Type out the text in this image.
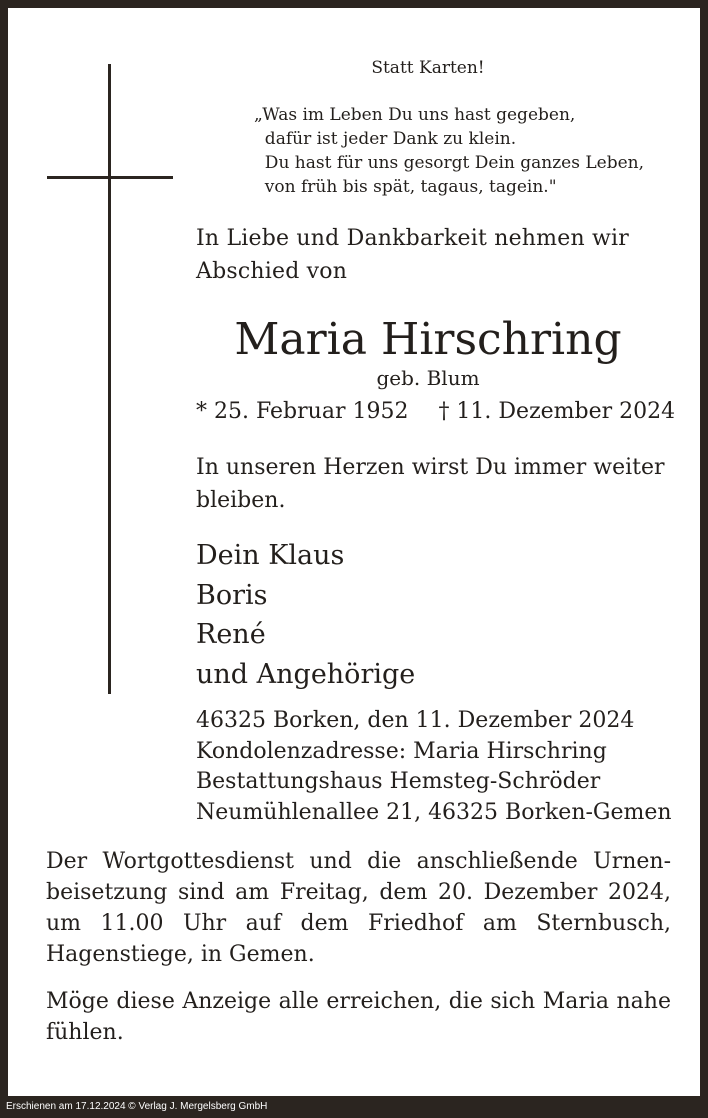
Statt Karten!
„Was im Leben Du uns hast gegeben,
dafür ist jeder Dank zu klein.
Du hast für uns gesorgt Dein ganzes Leben,
von früh bis spät, tagaus, tagein."
In Liebe und Dankbarkeit nehmen wir Abschied von
Maria Hirschring
geb. Blum
* 25. Februar 1952 † 11. Dezember 2024
In unseren Herzen wirst Du immer weiter bleiben.
Dein Klaus
Boris
René
und Angehörige
46325 Borken, den 11. Dezember 2024
Kondolenzadresse: Maria Hirschring
Bestattungshaus Hemsteg-Schröder
Neumühlenallee 21, 46325 Borken-Gemen
Der Wortgottesdienst und die anschließende Urnen-beisetzung sind am Freitag, dem 20. Dezember 2024, um 11.00 Uhr auf dem Friedhof am Sternbusch, Hagenstiege, in Gemen.
Möge diese Anzeige alle erreichen, die sich Maria nahe fühlen.
Erschienen am 17.12.2024 © Verlag J. Mergelsberg GmbH
